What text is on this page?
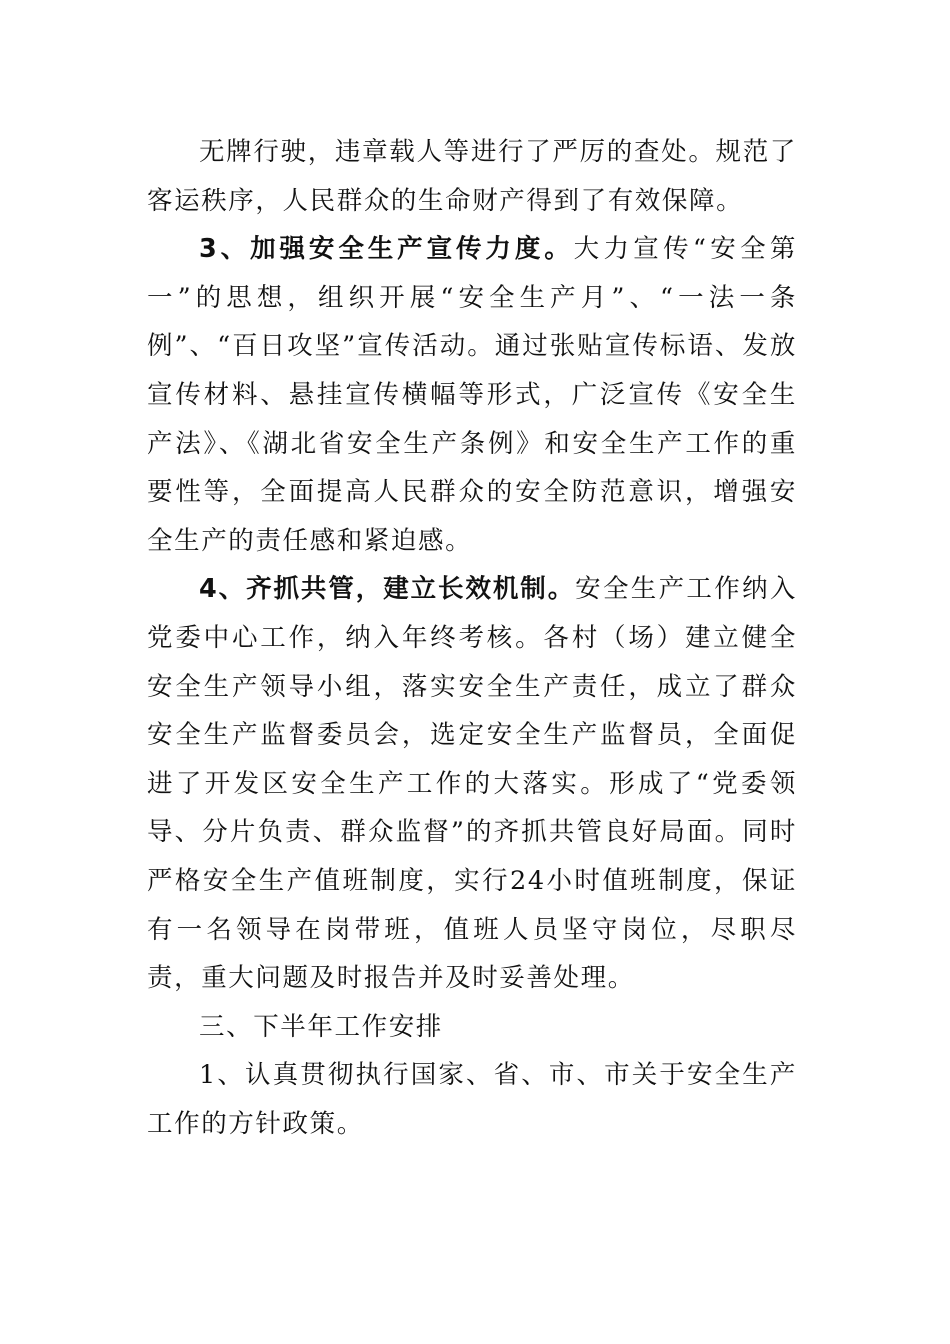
无牌行驶，违章载人等进行了严厉的查处。规范了客运秩序，人民群众的生命财产得到了有效保障。

3、加强安全生产宣传力度。大力宣传“安全第一”的思想，组织开展“安全生产月”、“一法一条例”、“百日攻坚”宣传活动。通过张贴宣传标语、发放宣传材料、悬挂宣传横幅等形式，广泛宣传《安全生产法》、《湖北省安全生产条例》和安全生产工作的重要性等，全面提高人民群众的安全防范意识，增强安全生产的责任感和紧迫感。

4、齐抓共管，建立长效机制。安全生产工作纳入党委中心工作，纳入年终考核。各村（场）建立健全安全生产领导小组，落实安全生产责任，成立了群众安全生产监督委员会，选定安全生产监督员，全面促进了开发区安全生产工作的大落实。形成了“党委领导、分片负责、群众监督”的齐抓共管良好局面。同时严格安全生产值班制度，实行24小时值班制度，保证有一名领导在岗带班，值班人员坚守岗位，尽职尽责，重大问题及时报告并及时妥善处理。

三、下半年工作安排

1、认真贯彻执行国家、省、市、市关于安全生产工作的方针政策。
